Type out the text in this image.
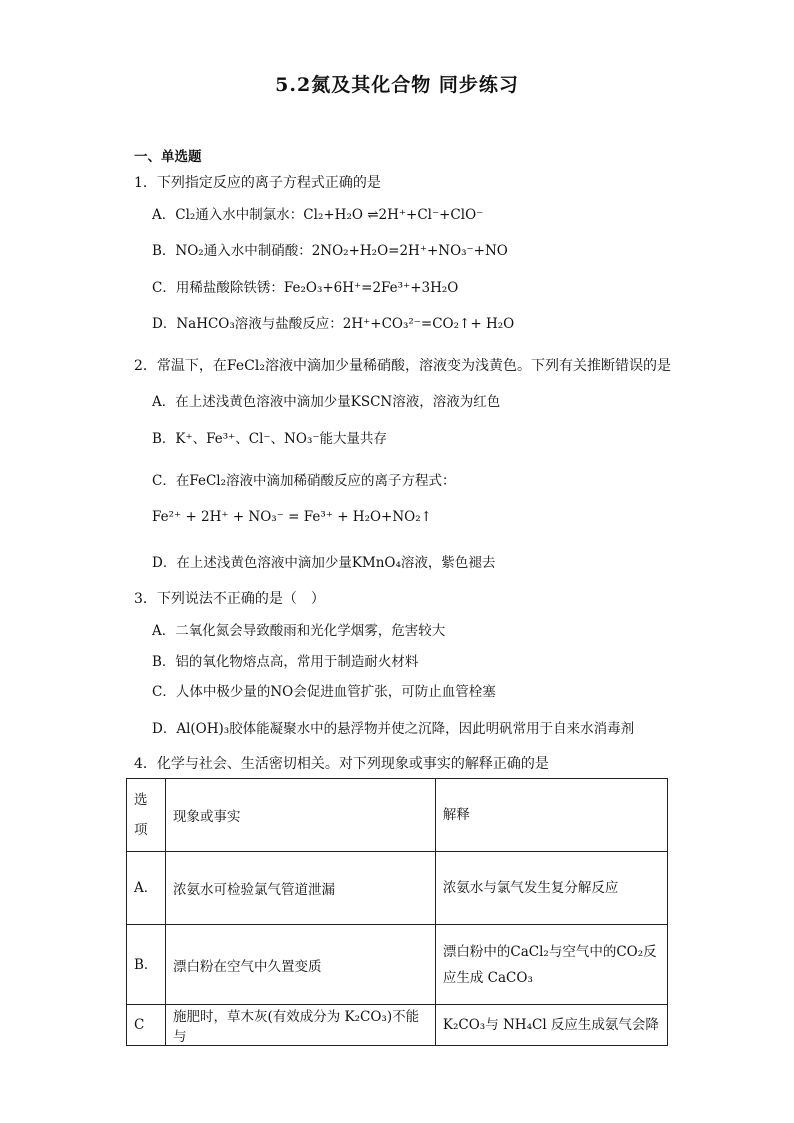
5.2氮及其化合物 同步练习
一、单选题
1．下列指定反应的离子方程式正确的是
A．Cl₂通入水中制氯水：Cl₂+H₂O ⇌2H⁺+Cl⁻+ClO⁻
B．NO₂通入水中制硝酸：2NO₂+H₂O=2H⁺+NO₃⁻+NO
C．用稀盐酸除铁锈：Fe₂O₃+6H⁺=2Fe³⁺+3H₂O
D．NaHCO₃溶液与盐酸反应：2H⁺+CO₃²⁻=CO₂↑+ H₂O
2．常温下，在FeCl₂溶液中滴加少量稀硝酸，溶液变为浅黄色。下列有关推断错误的是
A．在上述浅黄色溶液中滴加少量KSCN溶液，溶液为红色
B．K⁺、Fe³⁺、Cl⁻、NO₃⁻能大量共存
C．在FeCl₂溶液中滴加稀硝酸反应的离子方程式：
Fe²⁺ + 2H⁺ + NO₃⁻ = Fe³⁺ + H₂O+NO₂↑
D．在上述浅黄色溶液中滴加少量KMnO₄溶液，紫色褪去
3．下列说法不正确的是（　）
A．二氧化氮会导致酸雨和光化学烟雾，危害较大
B．铝的氧化物熔点高，常用于制造耐火材料
C．人体中极少量的NO会促进血管扩张，可防止血管栓塞
D．Al(OH)₃胶体能凝聚水中的悬浮物并使之沉降，因此明矾常用于自来水消毒剂
4．化学与社会、生活密切相关。对下列现象或事实的解释正确的是
选项	现象或事实	解释
A．	浓氨水可检验氯气管道泄漏	浓氨水与氯气发生复分解反应
B．	漂白粉在空气中久置变质	漂白粉中的CaCl₂与空气中的CO₂反应生成 CaCO₃
C	施肥时，草木灰(有效成分为 K₂CO₃)不能与	K₂CO₃与 NH₄Cl 反应生成氨气会降
